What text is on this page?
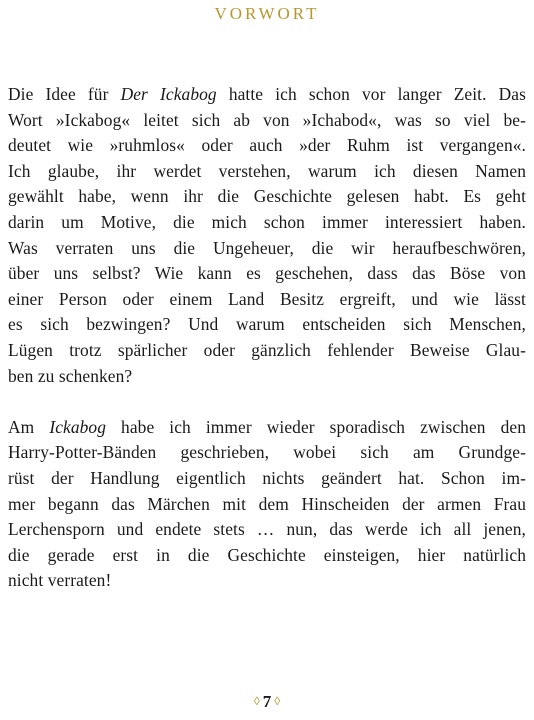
VORWORT
Die Idee für Der Ickabog hatte ich schon vor langer Zeit. Das
Wort »Ickabog« leitet sich ab von »Ichabod«, was so viel be-
deutet wie »ruhmlos« oder auch »der Ruhm ist vergangen«.
Ich glaube, ihr werdet verstehen, warum ich diesen Namen
gewählt habe, wenn ihr die Geschichte gelesen habt. Es geht
darin um Motive, die mich schon immer interessiert haben.
Was verraten uns die Ungeheuer, die wir heraufbeschwören,
über uns selbst? Wie kann es geschehen, dass das Böse von
einer Person oder einem Land Besitz ergreift, und wie lässt
es sich bezwingen? Und warum entscheiden sich Menschen,
Lügen trotz spärlicher oder gänzlich fehlender Beweise Glau-
ben zu schenken?
Am Ickabog habe ich immer wieder sporadisch zwischen den
Harry-Potter-Bänden geschrieben, wobei sich am Grundge-
rüst der Handlung eigentlich nichts geändert hat. Schon im-
mer begann das Märchen mit dem Hinscheiden der armen Frau
Lerchensporn und endete stets … nun, das werde ich all jenen,
die gerade erst in die Geschichte einsteigen, hier natürlich
nicht verraten!
◊ 7 ◊
